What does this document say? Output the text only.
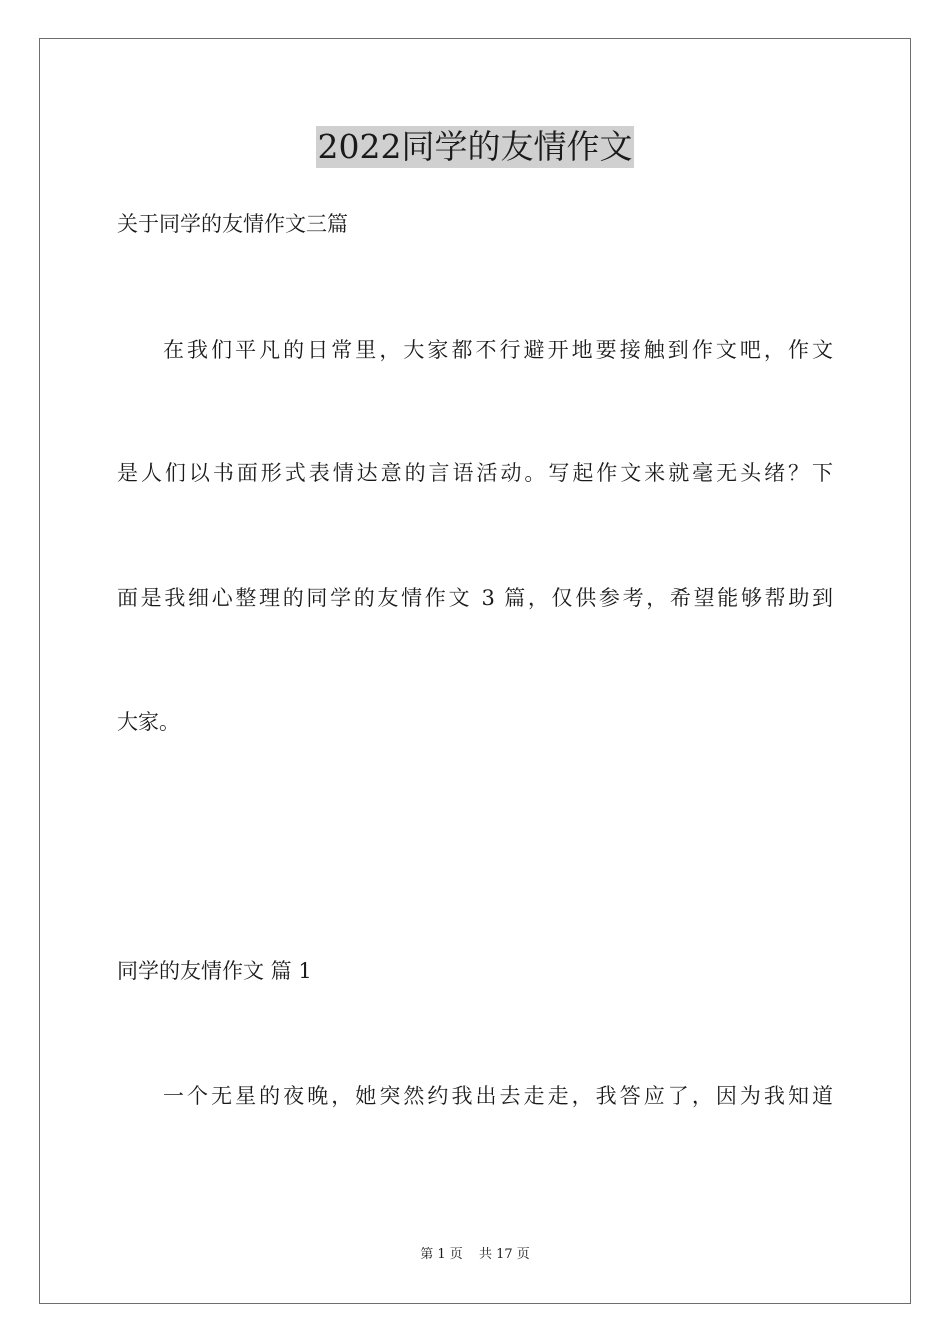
2022同学的友情作文
关于同学的友情作文三篇
在我们平凡的日常里，大家都不行避开地要接触到作文吧，作文
是人们以书面形式表情达意的言语活动。写起作文来就毫无头绪？下
面是我细心整理的同学的友情作文 3 篇，仅供参考，希望能够帮助到
大家。
同学的友情作文 篇 1
一个无星的夜晚，她突然约我出去走走，我答应了，因为我知道
第 1 页 共 17 页
